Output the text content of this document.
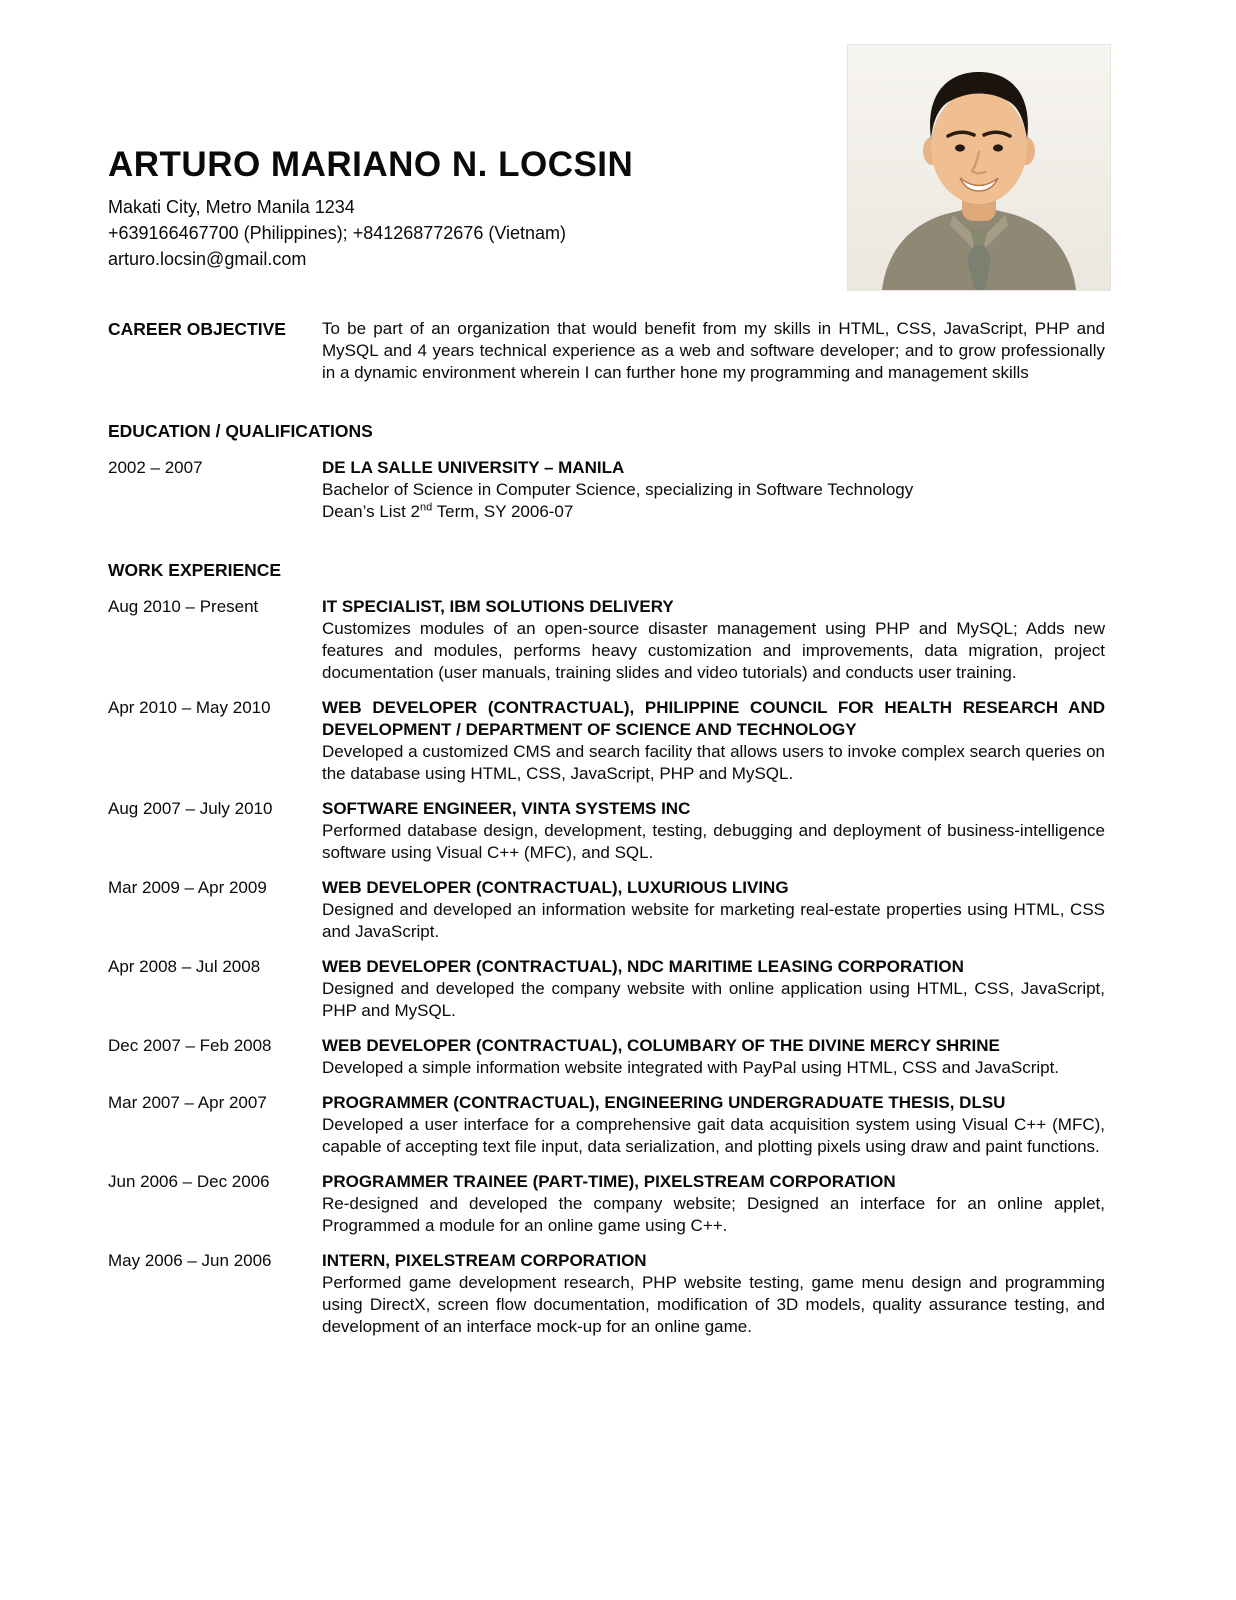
ARTURO MARIANO N. LOCSIN
Makati City, Metro Manila 1234
+639166467700 (Philippines); +841268772676 (Vietnam)
arturo.locsin@gmail.com
CAREER OBJECTIVE	To be part of an organization that would benefit from my skills in HTML, CSS, JavaScript, PHP and MySQL and 4 years technical experience as a web and software developer; and to grow professionally in a dynamic environment wherein I can further hone my programming and management skills

EDUCATION / QUALIFICATIONS
2002 – 2007	DE LA SALLE UNIVERSITY – MANILA
Bachelor of Science in Computer Science, specializing in Software Technology
Dean’s List 2nd Term, SY 2006-07
WORK EXPERIENCE
Aug 2010 – Present	IT SPECIALIST, IBM SOLUTIONS DELIVERY

Customizes modules of an open-source disaster management using PHP and MySQL; Adds new features and modules, performs heavy customization and improvements, data migration, project documentation (user manuals, training slides and video tutorials) and conducts user training.

Apr 2010 – May 2010	WEB DEVELOPER (CONTRACTUAL), PHILIPPINE COUNCIL FOR HEALTH RESEARCH AND DEVELOPMENT / DEPARTMENT OF SCIENCE AND TECHNOLOGY

Developed a customized CMS and search facility that allows users to invoke complex search queries on the database using HTML, CSS, JavaScript, PHP and MySQL.

Aug 2007 – July 2010	SOFTWARE ENGINEER, VINTA SYSTEMS INC

Performed database design, development, testing, debugging and deployment of business-intelligence software using Visual C++ (MFC), and SQL.

Mar 2009 – Apr 2009	WEB DEVELOPER (CONTRACTUAL), LUXURIOUS LIVING

Designed and developed an information website for marketing real-estate properties using HTML, CSS and JavaScript.

Apr 2008 – Jul 2008	WEB DEVELOPER (CONTRACTUAL), NDC MARITIME LEASING CORPORATION

Designed and developed the company website with online application using HTML, CSS, JavaScript, PHP and MySQL.

Dec 2007 – Feb 2008	WEB DEVELOPER (CONTRACTUAL), COLUMBARY OF THE DIVINE MERCY SHRINE

Developed a simple information website integrated with PayPal using HTML, CSS and JavaScript.

Mar 2007 – Apr 2007	PROGRAMMER (CONTRACTUAL), ENGINEERING UNDERGRADUATE THESIS, DLSU

Developed a user interface for a comprehensive gait data acquisition system using Visual C++ (MFC), capable of accepting text file input, data serialization, and plotting pixels using draw and paint functions.

Jun 2006 – Dec 2006	PROGRAMMER TRAINEE (PART-TIME), PIXELSTREAM CORPORATION

Re-designed and developed the company website; Designed an interface for an online applet, Programmed a module for an online game using C++.

May 2006 – Jun 2006	INTERN, PIXELSTREAM CORPORATION

Performed game development research, PHP website testing, game menu design and programming using DirectX, screen flow documentation, modification of 3D models, quality assurance testing, and development of an interface mock-up for an online game.
